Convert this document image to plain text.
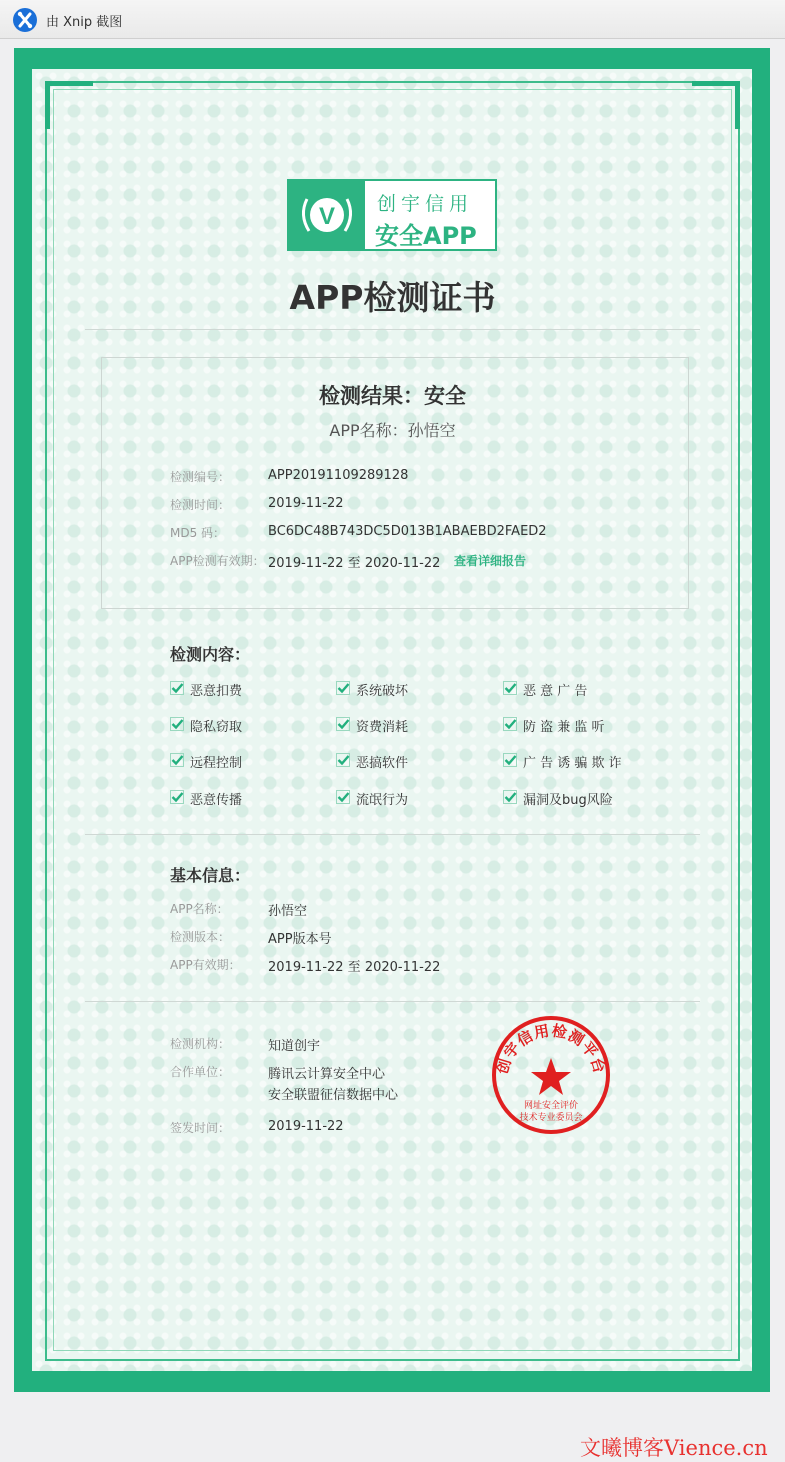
由 Xnip 截图
V 创宇信用
安全APP
APP检测证书
检测结果：安全
APP名称：孙悟空
检测编号：	APP20191109289128
检测时间：	2019-11-22
MD5 码：	BC6DC48B743DC5D013B1ABAEBD2FAED2
APP检测有效期： 2019-11-22 至 2020-11-22 查看详细报告
检测内容：
恶意扣费	系统破坏	恶 意 广 告
隐私窃取	资费消耗	防 盗 兼 监 听
远程控制	恶搞软件	广 告 诱 骗 欺 诈
恶意传播	流氓行为	漏洞及bug风险
基本信息：
APP名称：	孙悟空
检测版本：	APP版本号
APP有效期： 2019-11-22 至 2020-11-22
检测机构：	知道创宇
合作单位：	腾讯云计算安全中心
安全联盟征信数据中心
签发时间：	2019-11-22
创宇信用检测平台
网址安全评价
技术专业委员会
文曦博客Vience.cn
